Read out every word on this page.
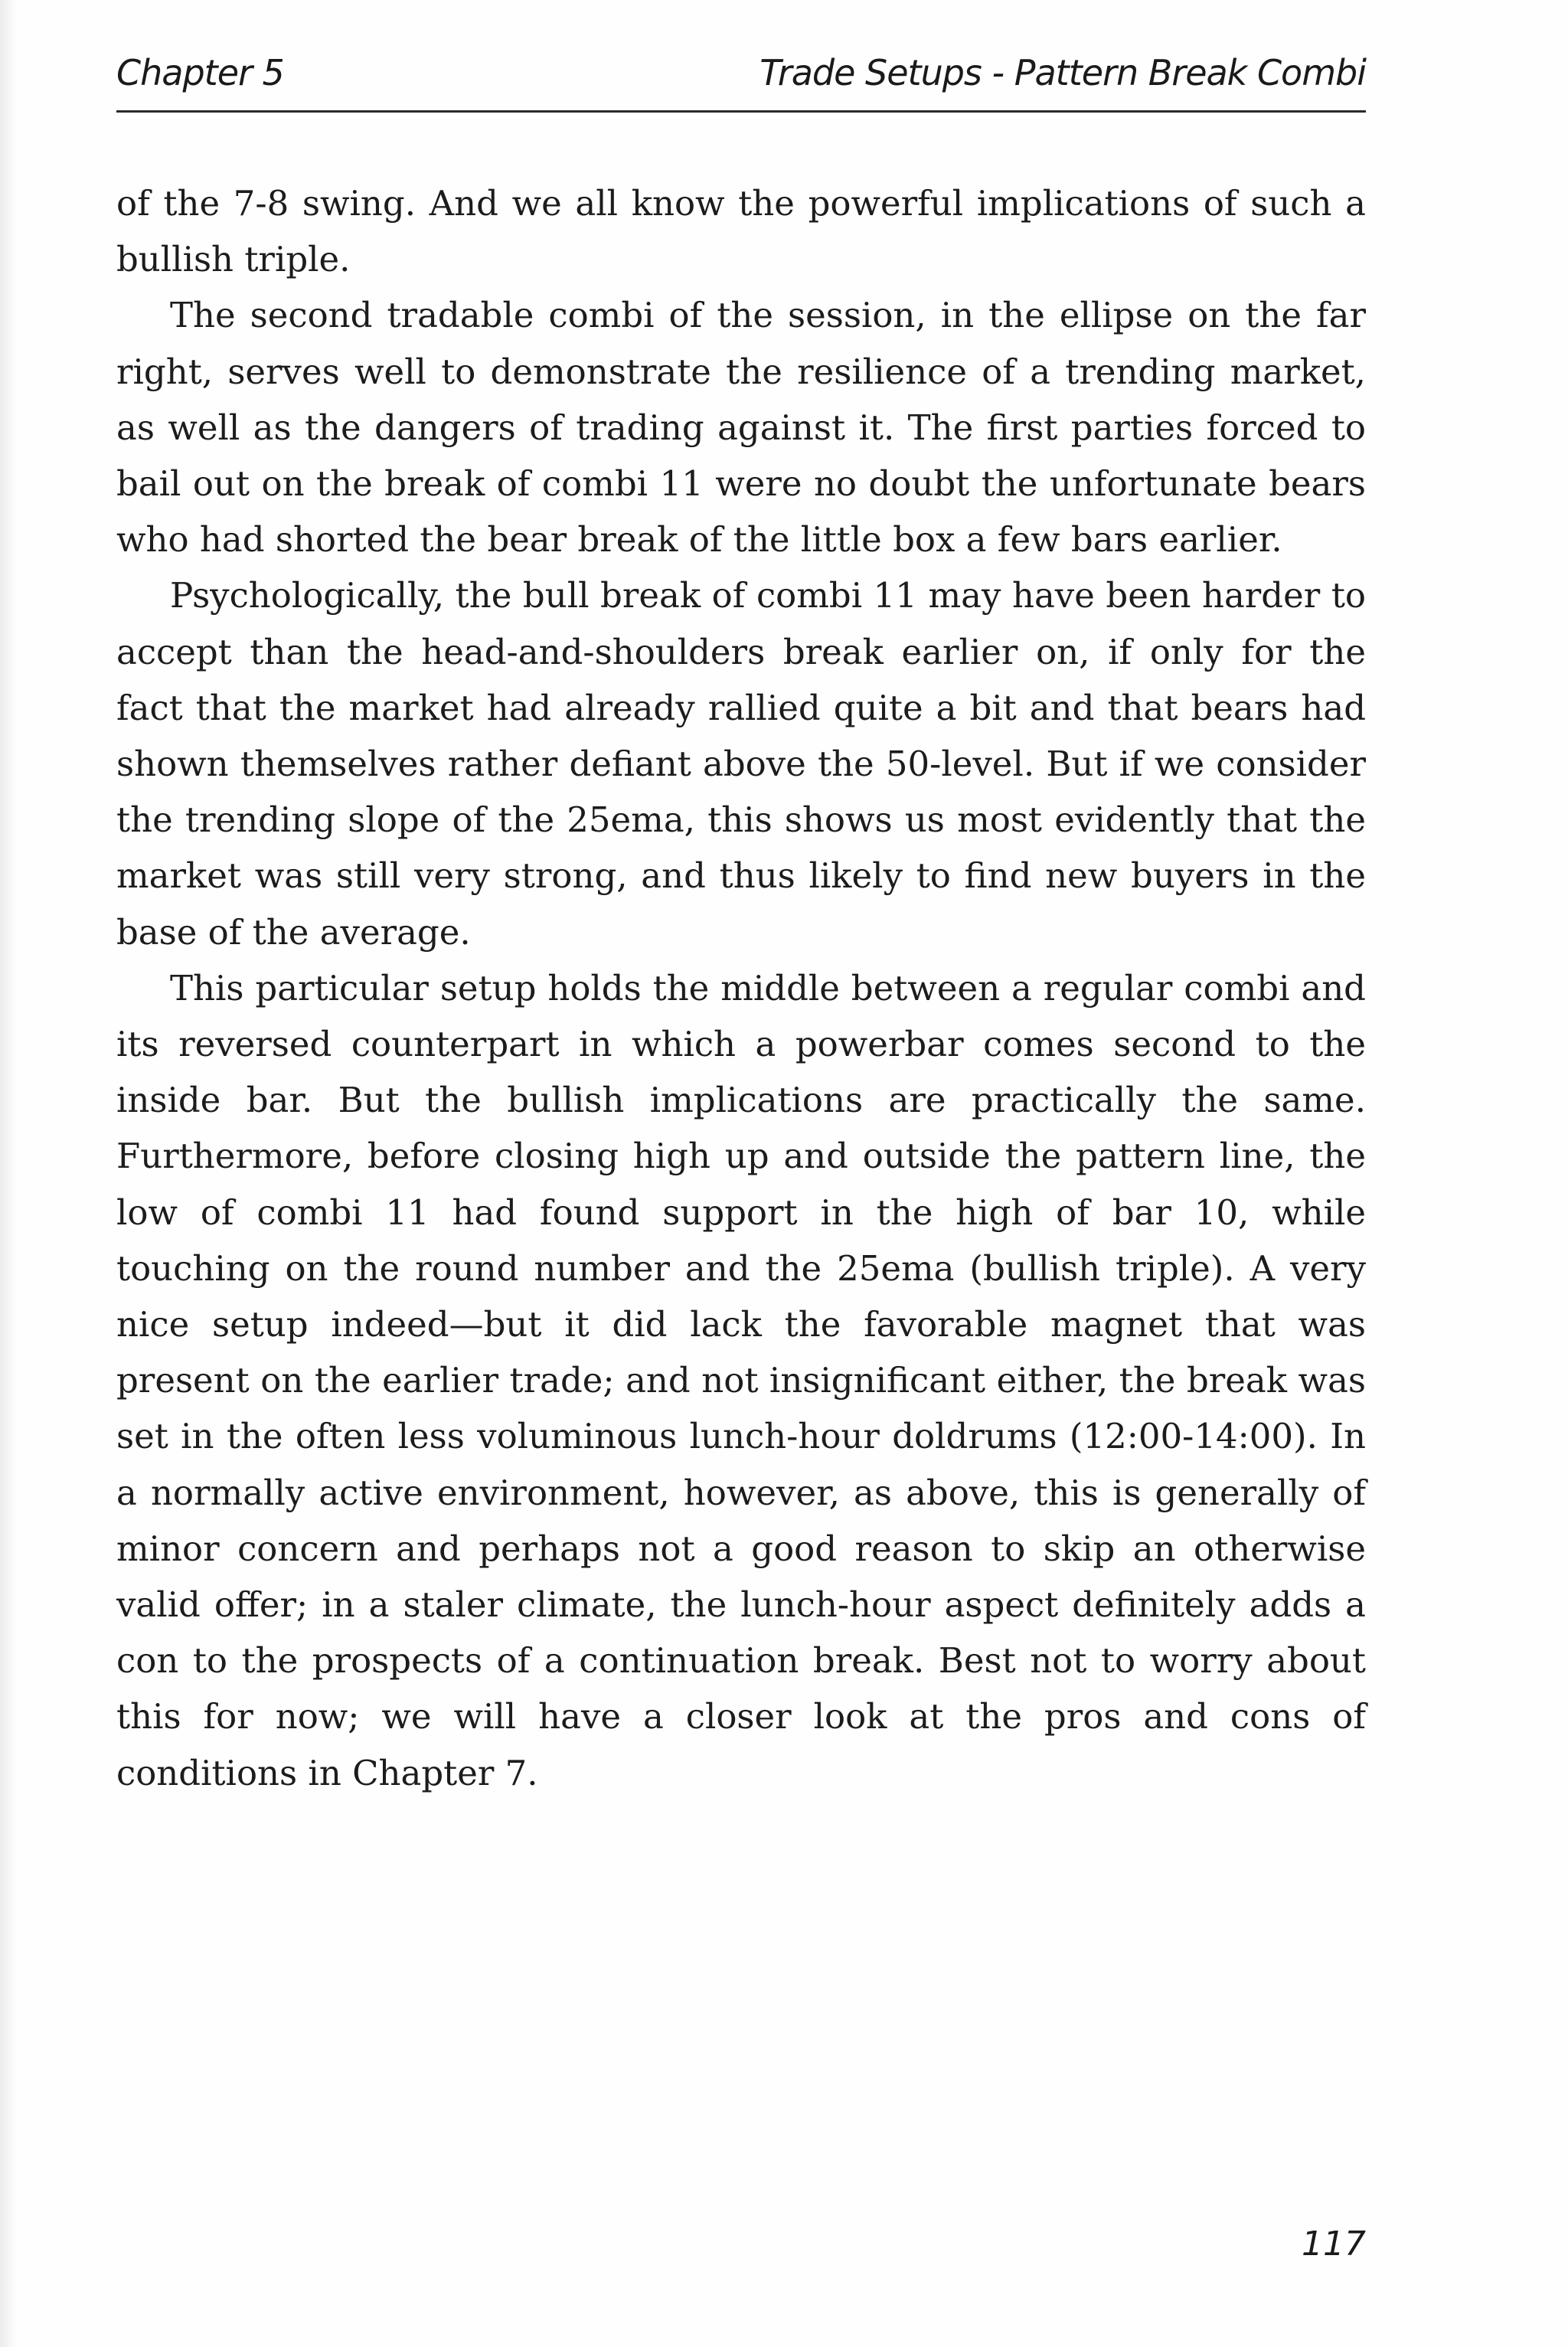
Chapter 5	Trade Setups - Pattern Break Combi

of the 7-8 swing. And we all know the powerful implications of such a bullish triple.

The second tradable combi of the session, in the ellipse on the far right, serves well to demonstrate the resilience of a trending market, as well as the dangers of trading against it. The first parties forced to bail out on the break of combi 11 were no doubt the unfortunate bears who had shorted the bear break of the little box a few bars earlier.

Psychologically, the bull break of combi 11 may have been harder to accept than the head-and-shoulders break earlier on, if only for the fact that the market had already rallied quite a bit and that bears had shown themselves rather defiant above the 50-level. But if we consider the trending slope of the 25ema, this shows us most evidently that the market was still very strong, and thus likely to find new buyers in the base of the average.

This particular setup holds the middle between a regular combi and its reversed counterpart in which a powerbar comes second to the inside bar. But the bullish implications are practically the same. Furthermore, before closing high up and outside the pattern line, the low of combi 11 had found support in the high of bar 10, while touching on the round number and the 25ema (bullish triple). A very nice setup indeed—but it did lack the favorable magnet that was present on the earlier trade; and not insignificant either, the break was set in the often less voluminous lunch-hour doldrums (12:00-14:00). In a normally active environment, however, as above, this is generally of minor concern and perhaps not a good reason to skip an otherwise valid offer; in a staler climate, the lunch-hour aspect definitely adds a con to the prospects of a continuation break. Best not to worry about this for now; we will have a closer look at the pros and cons of conditions in Chapter 7.

117
